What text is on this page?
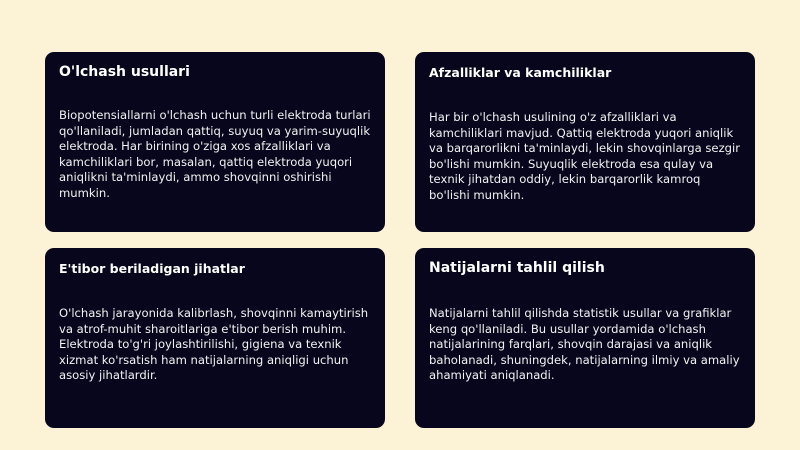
O'lchash usullari

Biopotensiallarni o'lchash uchun turli elektroda turlari qo'llaniladi, jumladan qattiq, suyuq va yarim-suyuqlik elektroda. Har birining o'ziga xos afzalliklari va kamchiliklari bor, masalan, qattiq elektroda yuqori aniqlikni ta'minlaydi, ammo shovqinni oshirishi mumkin.

Afzalliklar va kamchiliklar

Har bir o'lchash usulining o'z afzalliklari va kamchiliklari mavjud. Qattiq elektroda yuqori aniqlik va barqarorlikni ta'minlaydi, lekin shovqinlarga sezgir bo'lishi mumkin. Suyuqlik elektroda esa qulay va texnik jihatdan oddiy, lekin barqarorlik kamroq bo'lishi mumkin.

E'tibor beriladigan jihatlar

O'lchash jarayonida kalibrlash, shovqinni kamaytirish va atrof-muhit sharoitlariga e'tibor berish muhim. Elektroda to'g'ri joylashtirilishi, gigiena va texnik xizmat ko'rsatish ham natijalarning aniqligi uchun asosiy jihatlardir.

Natijalarni tahlil qilish

Natijalarni tahlil qilishda statistik usullar va grafiklar keng qo'llaniladi. Bu usullar yordamida o'lchash natijalarining farqlari, shovqin darajasi va aniqlik baholanadi, shuningdek, natijalarning ilmiy va amaliy ahamiyati aniqlanadi.
